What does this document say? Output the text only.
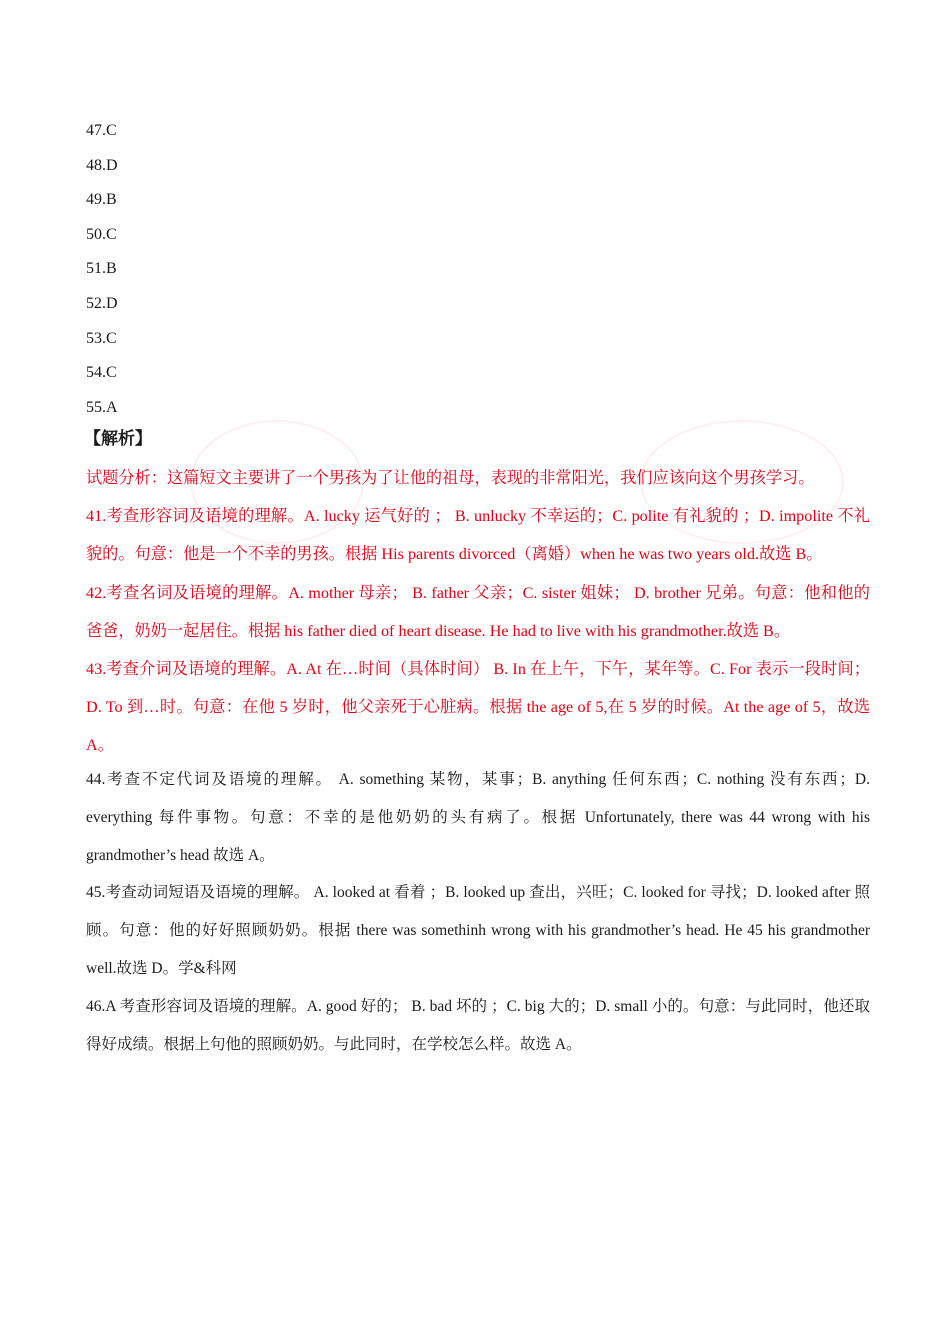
47.C
48.D
49.B
50.C
51.B
52.D
53.C
54.C
55.A
【解析】

试题分析：这篇短文主要讲了一个男孩为了让他的祖母，表现的非常阳光，我们应该向这个男孩学习。

41.考查形容词及语境的理解。A. lucky 运气好的 ； B. unlucky 不幸运的；C. polite 有礼貌的 ；D. impolite 不礼貌的。句意：他是一个不幸的男孩。根据 His parents divorced（离婚）when he was two years old.故选 B。

42.考查名词及语境的理解。A. mother 母亲； B. father 父亲；C. sister 姐妹； D. brother 兄弟。句意：他和他的爸爸，奶奶一起居住。根据 his father died of heart disease. He had to live with his grandmother.故选 B。

43.考查介词及语境的理解。A. At 在…时间（具体时间） B. In 在上午，下午，某年等。C. For 表示一段时间；D. To 到…时。句意：在他 5 岁时，他父亲死于心脏病。根据 the age of 5,在 5 岁的时候。At the age of 5，故选 A。

44.考查不定代词及语境的理解。 A. something 某物，某事；B. anything 任何东西；C. nothing 没有东西；D. everything 每件事物。句意：不幸的是他奶奶的头有病了。根据 Unfortunately, there was 44 wrong with his grandmother’s head 故选 A。

45.考查动词短语及语境的理解。 A. looked at 看着 ；B. looked up 查出，兴旺；C. looked for 寻找；D. looked after 照顾。句意：他的好好照顾奶奶。根据 there was somethinh wrong with his grandmother’s head. He 45 his grandmother well.故选 D。学&科网

46.A 考查形容词及语境的理解。A. good 好的； B. bad 坏的 ；C. big 大的；D. small 小的。句意：与此同时，他还取得好成绩。根据上句他的照顾奶奶。与此同时，在学校怎么样。故选 A。
